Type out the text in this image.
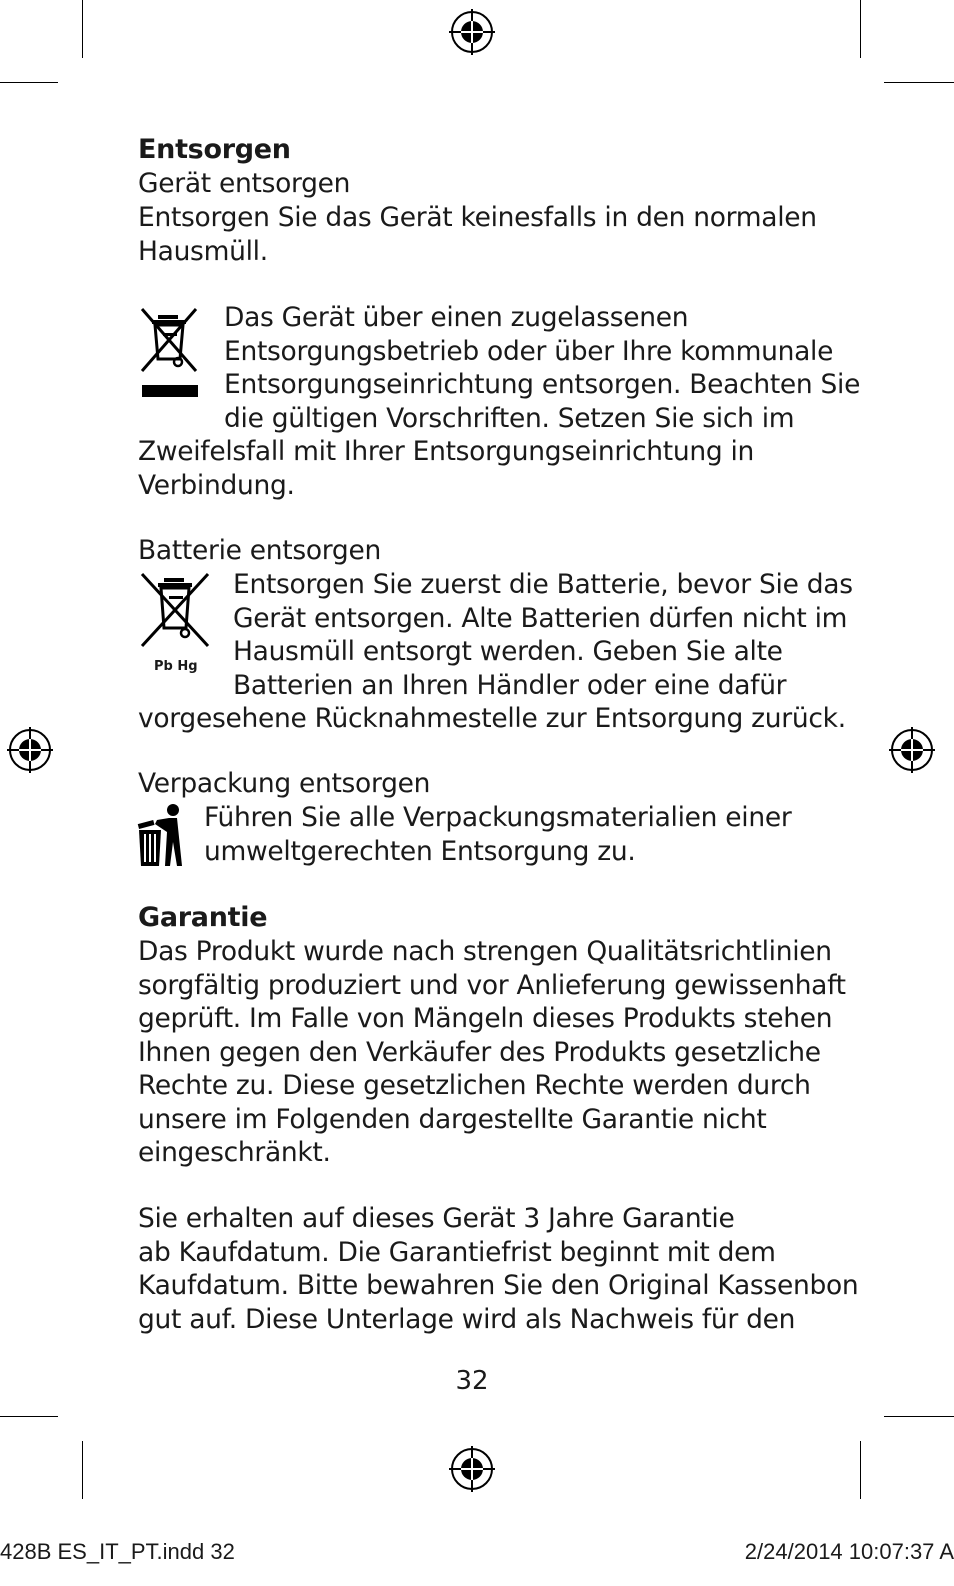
Entsorgen
Gerät entsorgen
Entsorgen Sie das Gerät keinesfalls in den normalen
Hausmüll.
Das Gerät über einen zugelassenen
Entsorgungsbetrieb oder über Ihre kommunale
Entsorgungseinrichtung entsorgen. Beachten Sie
die gültigen Vorschriften. Setzen Sie sich im
Zweifelsfall mit Ihrer Entsorgungseinrichtung in
Verbindung.
Batterie entsorgen
Pb Hg
Entsorgen Sie zuerst die Batterie, bevor Sie das
Gerät entsorgen. Alte Batterien dürfen nicht im
Hausmüll entsorgt werden. Geben Sie alte
Batterien an Ihren Händler oder eine dafür
vorgesehene Rücknahmestelle zur Entsorgung zurück.
Verpackung entsorgen
Führen Sie alle Verpackungsmaterialien einer
umweltgerechten Entsorgung zu.
Garantie
Das Produkt wurde nach strengen Qualitätsrichtlinien
sorgfältig produziert und vor Anlieferung gewissenhaft
geprüft. Im Falle von Mängeln dieses Produkts stehen
Ihnen gegen den Verkäufer des Produkts gesetzliche
Rechte zu. Diese gesetzlichen Rechte werden durch
unsere im Folgenden dargestellte Garantie nicht
eingeschränkt.
Sie erhalten auf dieses Gerät 3 Jahre Garantie
ab Kaufdatum. Die Garantiefrist beginnt mit dem
Kaufdatum. Bitte bewahren Sie den Original Kassenbon
gut auf. Diese Unterlage wird als Nachweis für den
32
428B ES_IT_PT.indd 32	2/24/2014 10:07:37 A
